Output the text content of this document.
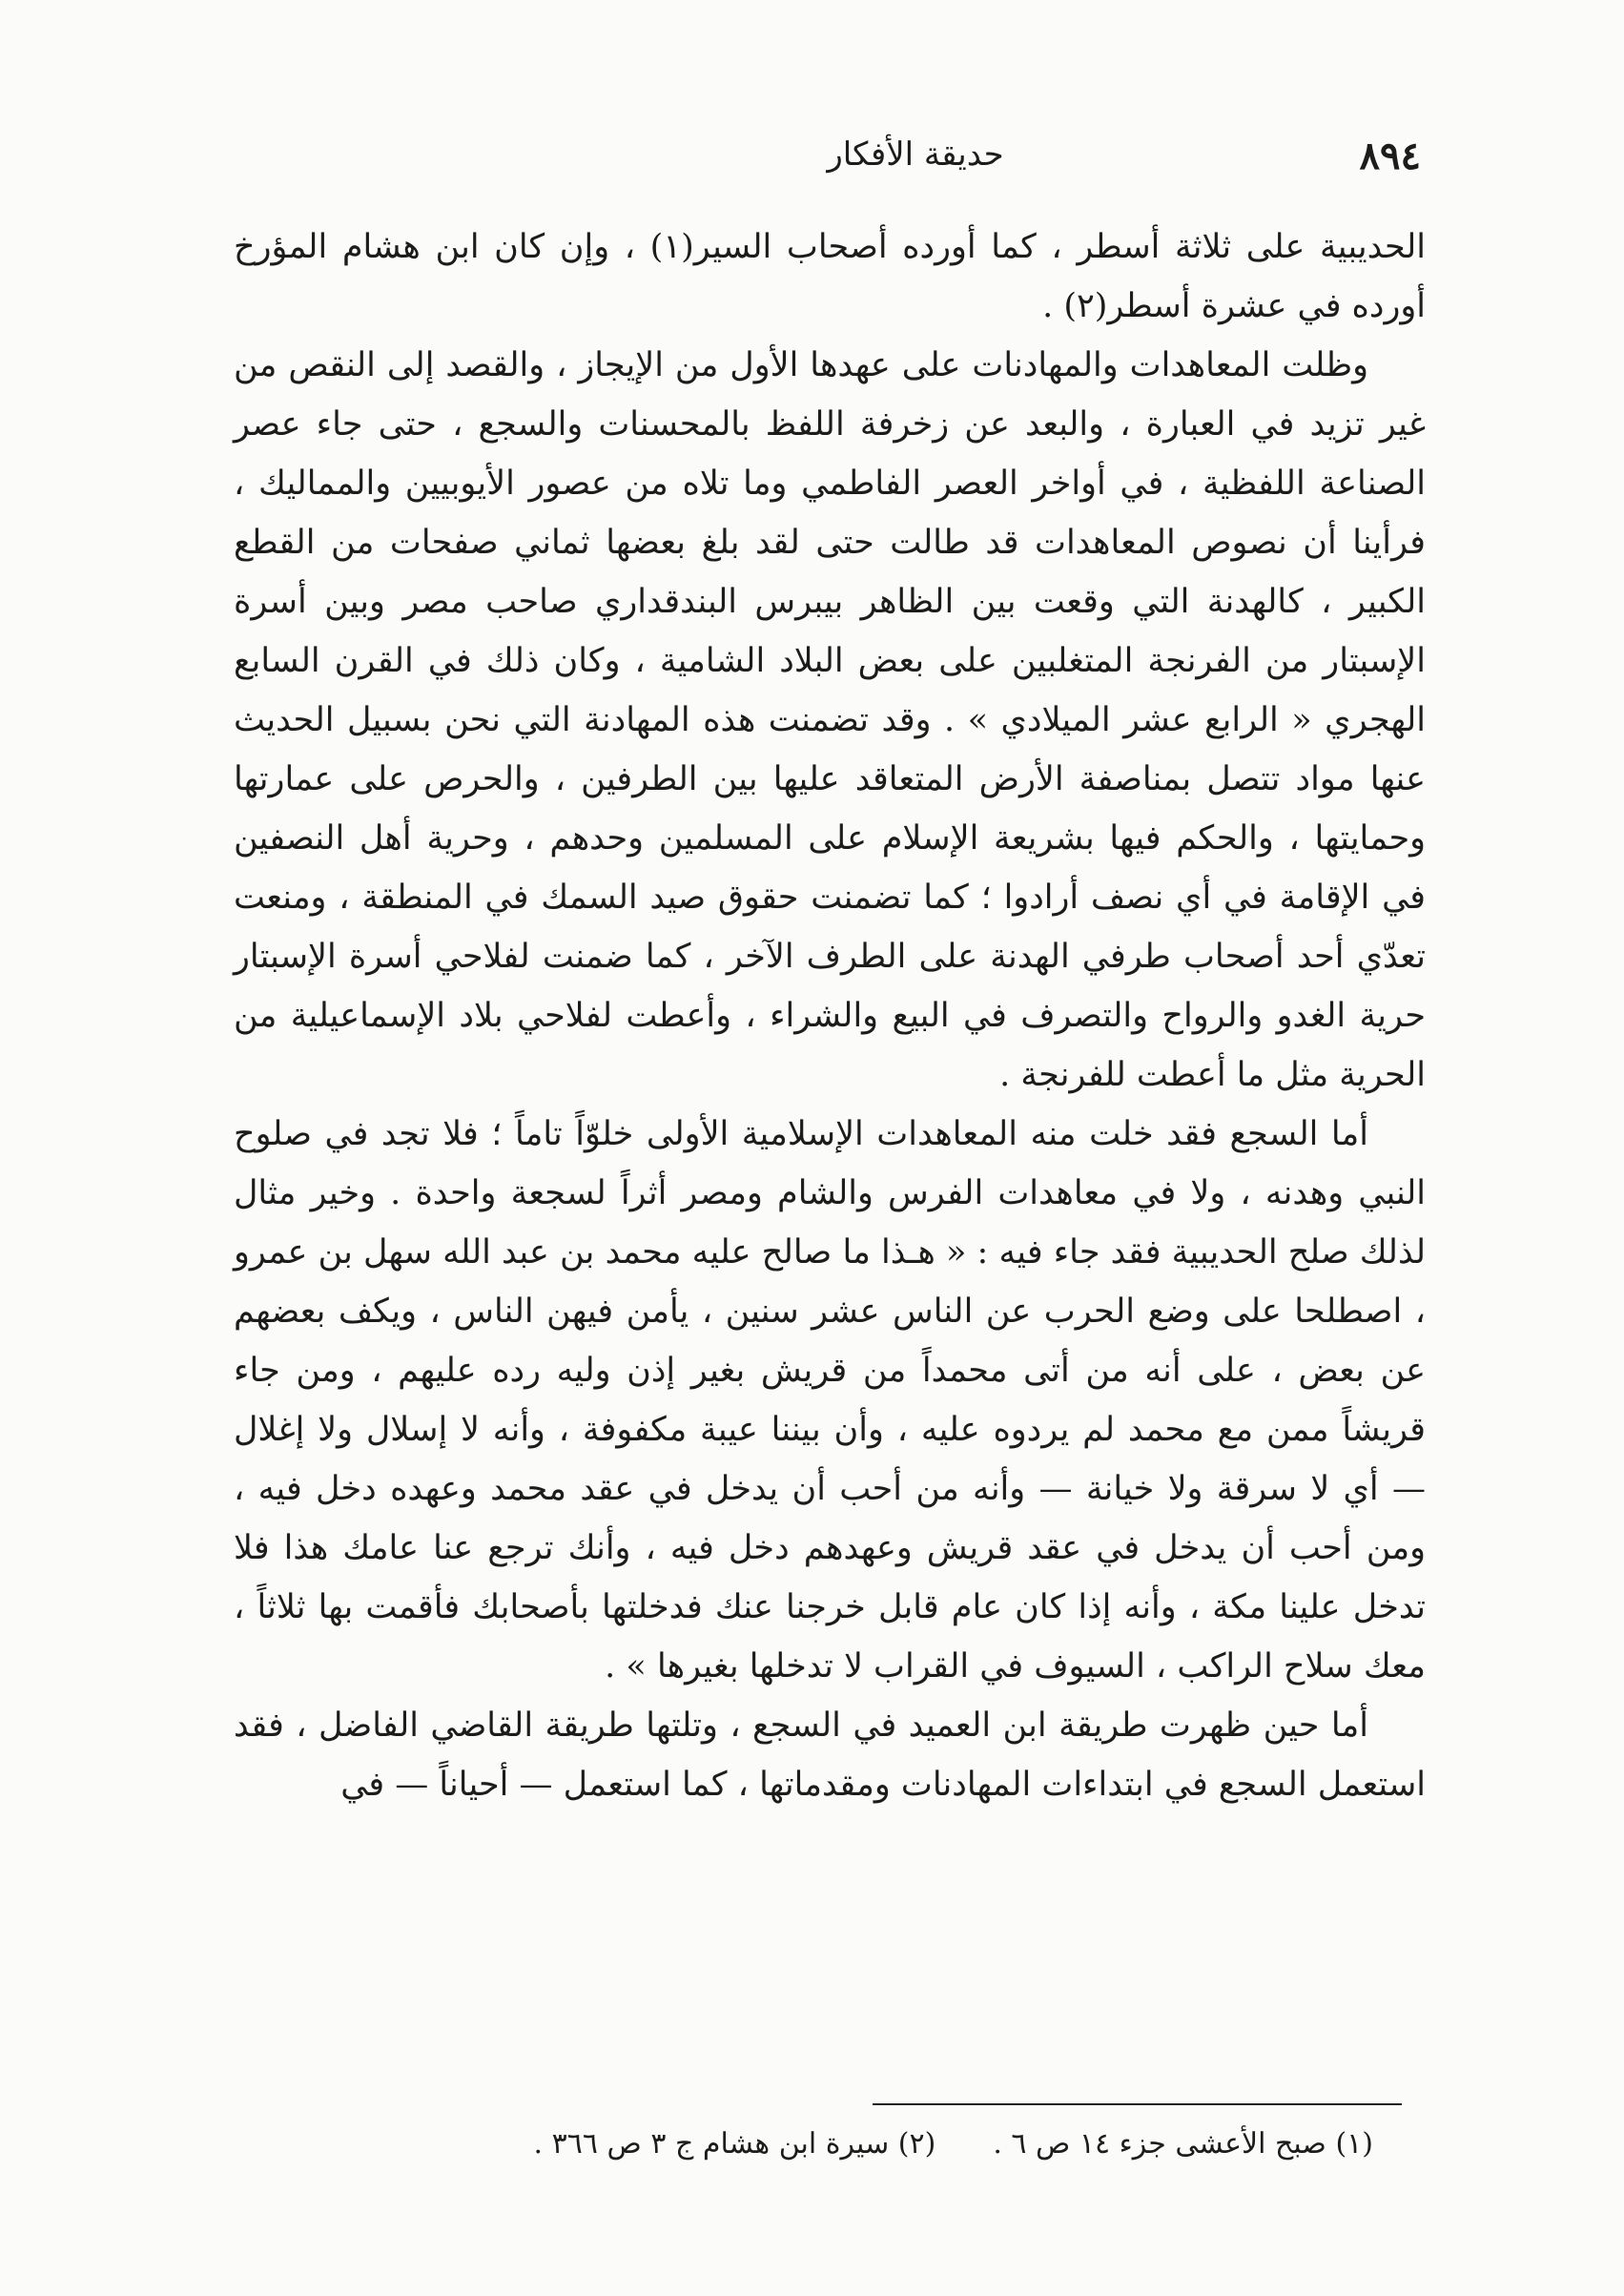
٨٩٤
حديقة الأفكار

الحديبية على ثلاثة أسطر ، كما أورده أصحاب السير(١) ، وإن كان ابن هشام المؤرخ أورده في عشرة أسطر(٢) .

وظلت المعاهدات والمهادنات على عهدها الأول من الإيجاز ، والقصد إلى النقص من غير تزيد في العبارة ، والبعد عن زخرفة اللفظ بالمحسنات والسجع ، حتى جاء عصر الصناعة اللفظية ، في أواخر العصر الفاطمي وما تلاه من عصور الأيوبيين والمماليك ، فرأينا أن نصوص المعاهدات قد طالت حتى لقد بلغ بعضها ثماني صفحات من القطع الكبير ، كالهدنة التي وقعت بين الظاهر بيبرس البندقداري صاحب مصر وبين أسرة الإسبتار من الفرنجة المتغلبين على بعض البلاد الشامية ، وكان ذلك في القرن السابع الهجري « الرابع عشر الميلادي » . وقد تضمنت هذه المهادنة التي نحن بسبيل الحديث عنها مواد تتصل بمناصفة الأرض المتعاقد عليها بين الطرفين ، والحرص على عمارتها وحمايتها ، والحكم فيها بشريعة الإسلام على المسلمين وحدهم ، وحرية أهل النصفين في الإقامة في أي نصف أرادوا ؛ كما تضمنت حقوق صيد السمك في المنطقة ، ومنعت تعدّي أحد أصحاب طرفي الهدنة على الطرف الآخر ، كما ضمنت لفلاحي أسرة الإسبتار حرية الغدو والرواح والتصرف في البيع والشراء ، وأعطت لفلاحي بلاد الإسماعيلية من الحرية مثل ما أعطت للفرنجة .

أما السجع فقد خلت منه المعاهدات الإسلامية الأولى خلوّاً تاماً ؛ فلا تجد في صلوح النبي وهدنه ، ولا في معاهدات الفرس والشام ومصر أثراً لسجعة واحدة . وخير مثال لذلك صلح الحديبية فقد جاء فيه : « هـذا ما صالح عليه محمد بن عبد الله سهل بن عمرو ، اصطلحا على وضع الحرب عن الناس عشر سنين ، يأمن فيهن الناس ، ويكف بعضهم عن بعض ، على أنه من أتى محمداً من قريش بغير إذن وليه رده عليهم ، ومن جاء قريشاً ممن مع محمد لم يردوه عليه ، وأن بيننا عيبة مكفوفة ، وأنه لا إسلال ولا إغلال — أي لا سرقة ولا خيانة — وأنه من أحب أن يدخل في عقد محمد وعهده دخل فيه ، ومن أحب أن يدخل في عقد قريش وعهدهم دخل فيه ، وأنك ترجع عنا عامك هذا فلا تدخل علينا مكة ، وأنه إذا كان عام قابل خرجنا عنك فدخلتها بأصحابك فأقمت بها ثلاثاً ، معك سلاح الراكب ، السيوف في القراب لا تدخلها بغيرها » .

أما حين ظهرت طريقة ابن العميد في السجع ، وتلتها طريقة القاضي الفاضل ، فقد استعمل السجع في ابتداءات المهادنات ومقدماتها ، كما استعمل — أحياناً — في

(١) صبح الأعشى جزء ١٤ ص ٦ .
(٢) سيرة ابن هشام ج ٣ ص ٣٦٦ .
